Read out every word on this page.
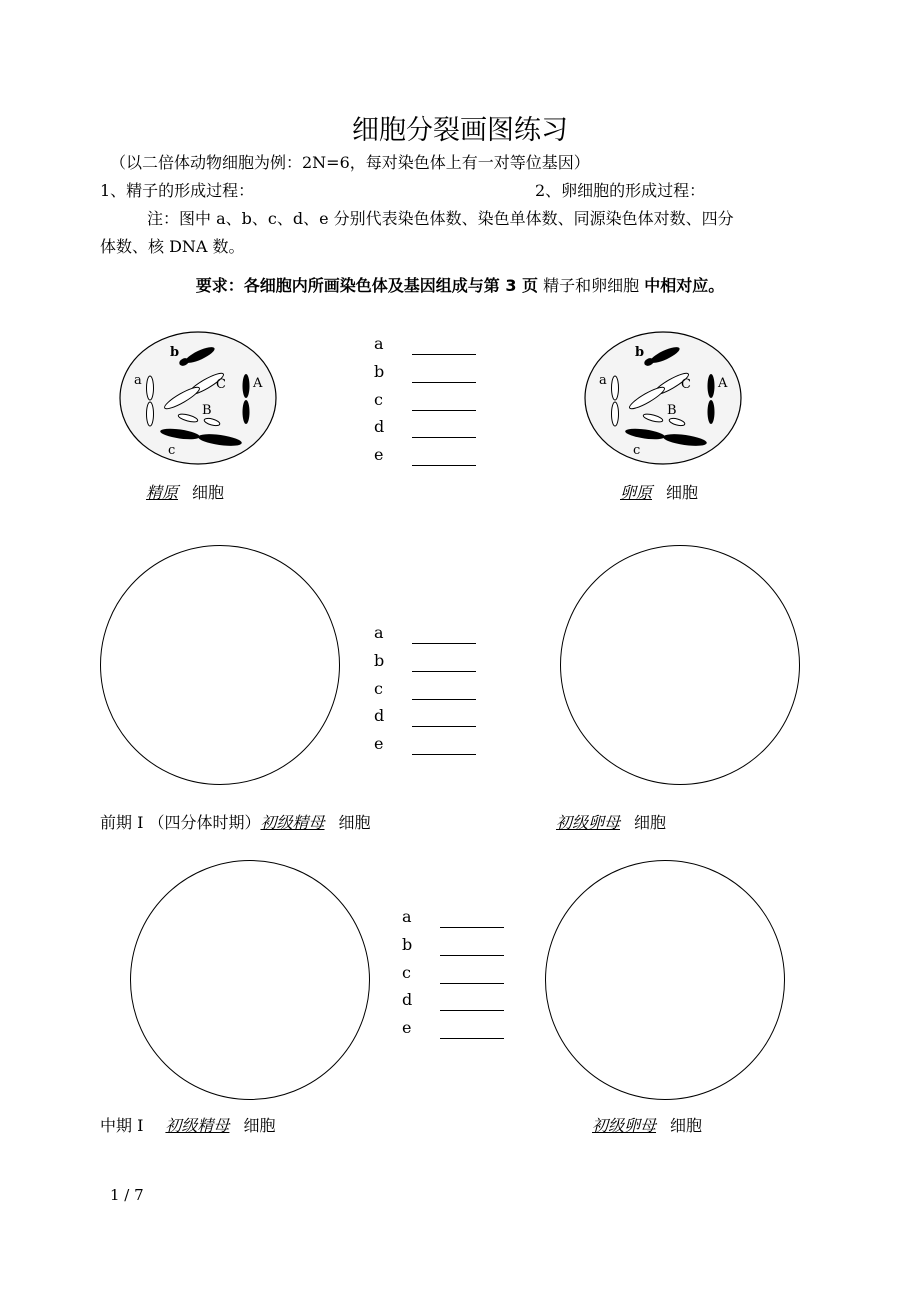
细胞分裂画图练习
（以二倍体动物细胞为例：2N=6，每对染色体上有一对等位基因）
1、精子的形成过程：	2、卵细胞的形成过程：
注：图中 a、b、c、d、e 分别代表染色体数、染色单体数、同源染色体对数、四分
体数、核 DNA 数。
要求：各细胞内所画染色体及基因组成与第 3 页 精子和卵细胞 中相对应。
b
a	C A
B
c
b
a	C A
B
c
a
b
c
d
e
精原 细胞	卵原 细胞
a
b
c
d
e
前期 I （四分体时期）初级精母 细胞	初级卵母 细胞
a
b
c
d
e
中期 I 初级精母 细胞	初级卵母 细胞
1 / 7
